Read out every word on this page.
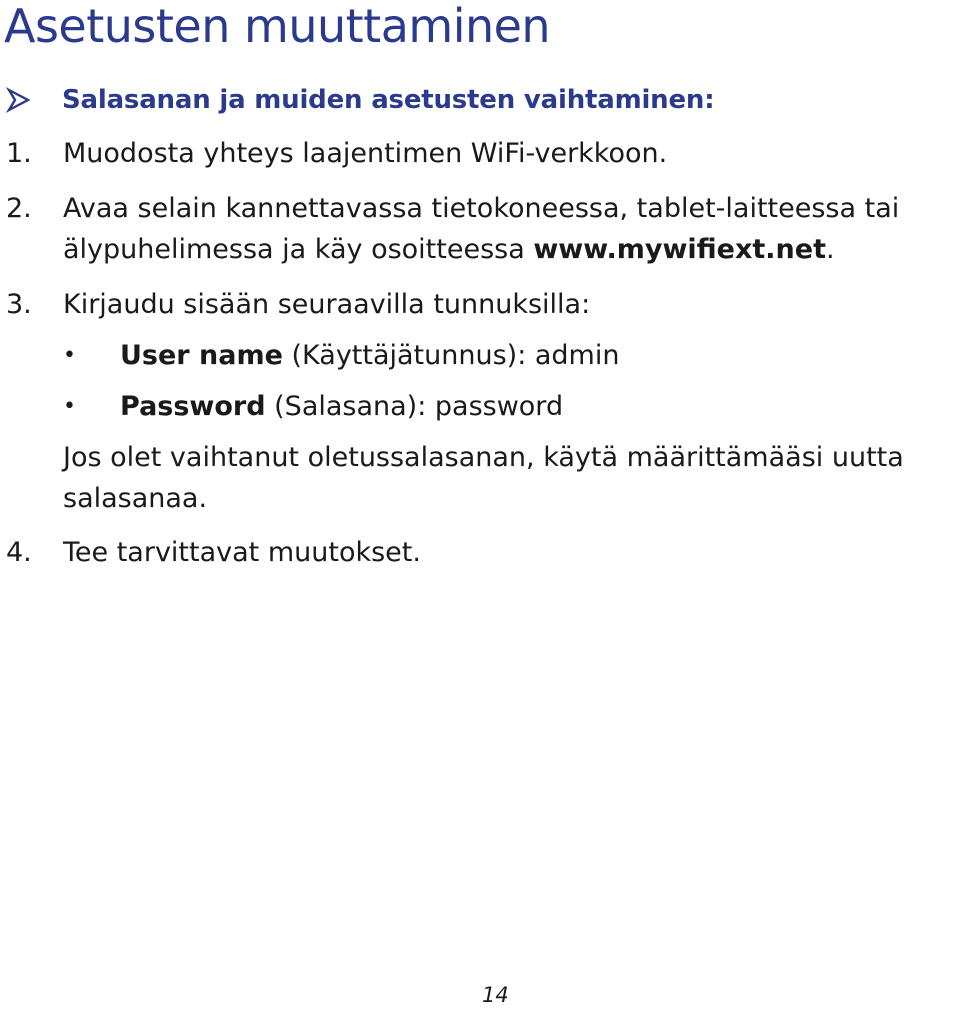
Asetusten muuttaminen
Salasanan ja muiden asetusten vaihtaminen:
1. Muodosta yhteys laajentimen WiFi-verkkoon.
2. Avaa selain kannettavassa tietokoneessa, tablet-laitteessa tai
älypuhelimessa ja käy osoitteessa www.mywifiext.net.
3. Kirjaudu sisään seuraavilla tunnuksilla:
• User name (Käyttäjätunnus): admin
• Password (Salasana): password
Jos olet vaihtanut oletussalasanan, käytä määrittämääsi uutta
salasanaa.
4. Tee tarvittavat muutokset.
14
